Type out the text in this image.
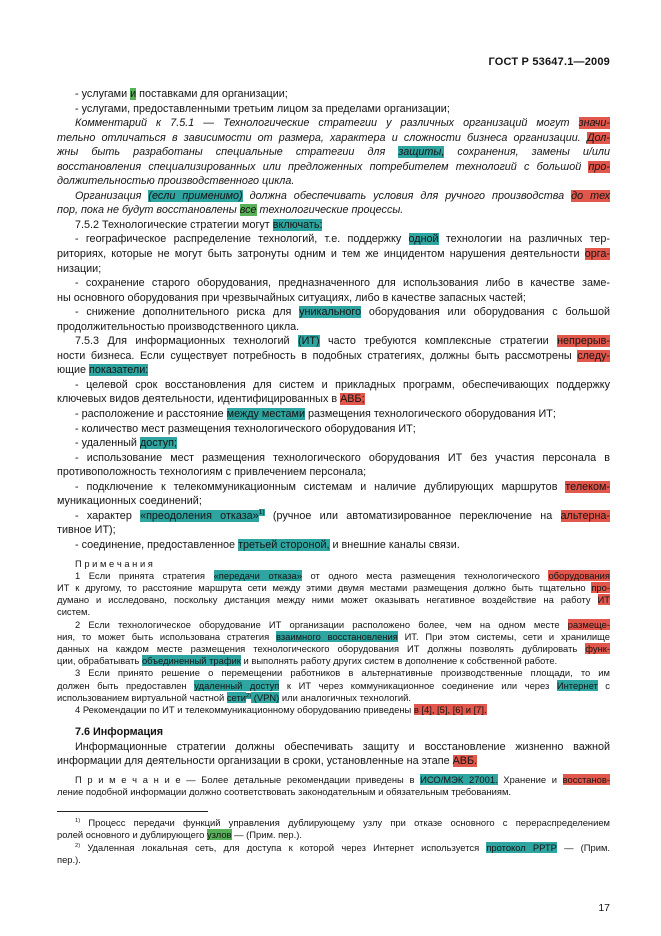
ГОСТ Р 53647.1—2009
- услугами и поставками для организации;
- услугами, предоставленными третьим лицом за пределами организации;
Комментарий к 7.5.1 — Технологические стратегии у различных организаций могут значи-
тельно отличаться в зависимости от размера, характера и сложности бизнеса организации. Дол-
жны быть разработаны специальные стратегии для защиты, сохранения, замены и/или
восстановления специализированных или предложенных потребителем технологий с большой про-
должительностью производственного цикла.
Организация (если применимо) должна обеспечивать условия для ручного производства до тех
пор, пока не будут восстановлены все технологические процессы.
7.5.2 Технологические стратегии могут включать:
- географическое распределение технологий, т.е. поддержку одной технологии на различных тер-
риториях, которые не могут быть затронуты одним и тем же инцидентом нарушения деятельности орга-
низации;
- сохранение старого оборудования, предназначенного для использования либо в качестве заме-
ны основного оборудования при чрезвычайных ситуациях, либо в качестве запасных частей;
- снижение дополнительного риска для уникального оборудования или оборудования с большой
продолжительностью производственного цикла.
7.5.3 Для информационных технологий (ИТ) часто требуются комплексные стратегии непрерыв-
ности бизнеса. Если существует потребность в подобных стратегиях, должны быть рассмотрены следу-
ющие показатели:
- целевой срок восстановления для систем и прикладных программ, обеспечивающих поддержку
ключевых видов деятельности, идентифицированных в АВБ;
- расположение и расстояние между местами размещения технологического оборудования ИТ;
- количество мест размещения технологического оборудования ИТ;
- удаленный доступ;
- использование мест размещения технологического оборудования ИТ без участия персонала в
противоположность технологиям с привлечением персонала;
- подключение к телекоммуникационным системам и наличие дублирующих маршрутов телеком-
муникационных соединений;
- характер «преодоления отказа»$^{1)}$ (ручное или автоматизированное переключение на альтерна-
тивное ИТ);
- соединение, предоставленное третьей стороной, и внешние каналы связи.
П р и м е ч а н и я
1 Если принята стратегия «передачи отказа» от одного места размещения технологического оборудования
ИТ к другому, то расстояние маршрута сети между этими двумя местами размещения должно быть тщательно про-
думано и исследовано, поскольку дистанция между ними может оказывать негативное воздействие на работу ИТ
систем.
2 Если технологическое оборудование ИТ организации расположено более, чем на одном месте размеще-
ния, то может быть использована стратегия взаимного восстановления ИТ. При этом системы, сети и хранилище
данных на каждом месте размещения технологического оборудования ИТ должны позволять дублировать функ-
ции, обрабатывать объединенный трафик и выполнять работу других систем в дополнение к собственной работе.
3 Если принято решение о перемещении работников в альтернативные производственные площади, то им
должен быть предоставлен удаленный доступ к ИТ через коммуникационное соединение или через Интернет с
использованием виртуальной частной сети$^{2)}$ (VPN) или аналогичных технологий.
4 Рекомендации по ИТ и телекоммуникационному оборудованию приведены в [4], [5], [6] и [7].
7.6 Информация
Информационные стратегии должны обеспечивать защиту и восстановление жизненно важной
информации для деятельности организации в сроки, установленные на этапе АВБ.
П р и м е ч а н и е — Более детальные рекомендации приведены в ИСО/МЭК 27001. Хранение и восстанов-
ление подобной информации должно соответствовать законодательным и обязательным требованиям.
$^{1)}$ Процесс передачи функций управления дублирующему узлу при отказе основного с перераспределением
ролей основного и дублирующего узлов — (Прим. пер.).
$^{2)}$ Удаленная локальная сеть, для доступа к которой через Интернет используется протокол РРТР — (Прим.
пер.).
17
